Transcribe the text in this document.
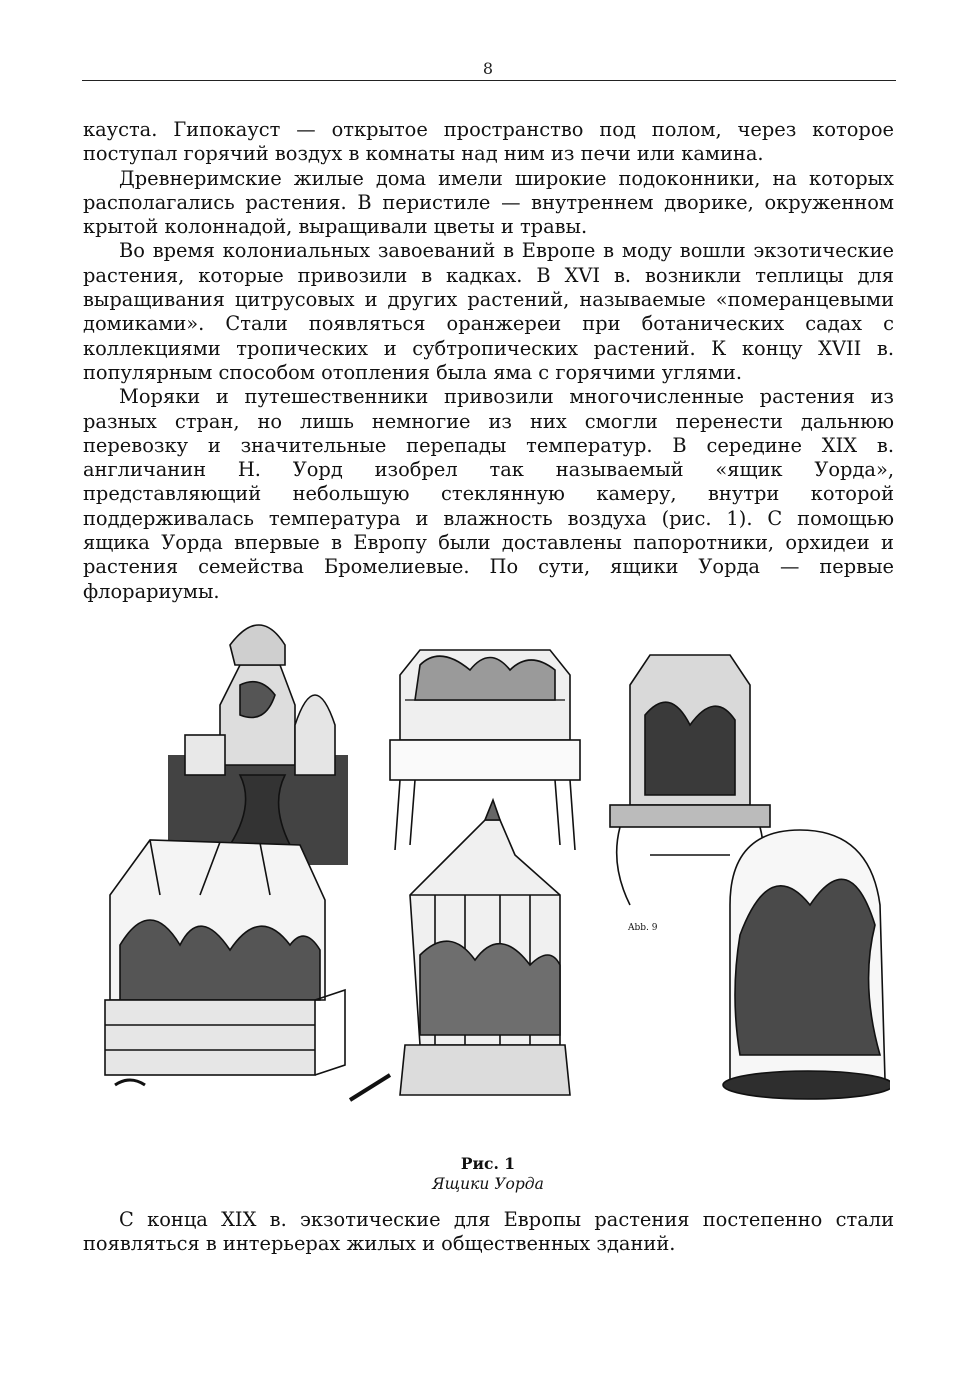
8

кауста. Гипокауст — открытое пространство под полом, через которое поступал горячий воздух в комнаты над ним из печи или камина.

Древнеримские жилые дома имели широкие подоконники, на которых располагались растения. В перистиле — внутреннем дворике, окруженном крытой колоннадой, выращивали цветы и травы.

Во время колониальных завоеваний в Европе в моду вошли экзотические растения, которые привозили в кадках. В XVI в. возникли теплицы для выращивания цитрусовых и других растений, называемые «померанцевыми домиками». Стали появляться оранжереи при ботанических садах с коллекциями тропических и субтропических растений. К концу XVII в. популярным способом отопления была яма с горячими углями.

Моряки и путешественники привозили многочисленные растения из разных стран, но лишь немногие из них смогли перенести дальнюю перевозку и значительные перепады температур. В середине XIX в. англичанин Н. Уорд изобрел так называемый «ящик Уорда», представляющий небольшую стеклянную камеру, внутри которой поддерживалась температура и влажность воздуха (рис. 1). С помощью ящика Уорда впервые в Европу были доставлены папоротники, орхидеи и растения семейства Бромелиевые. По сути, ящики Уорда — первые флорариумы.

Abb. 9
Рис. 1
Ящики Уорда

С конца XIX в. экзотические для Европы растения постепенно стали появляться в интерьерах жилых и общественных зданий.
